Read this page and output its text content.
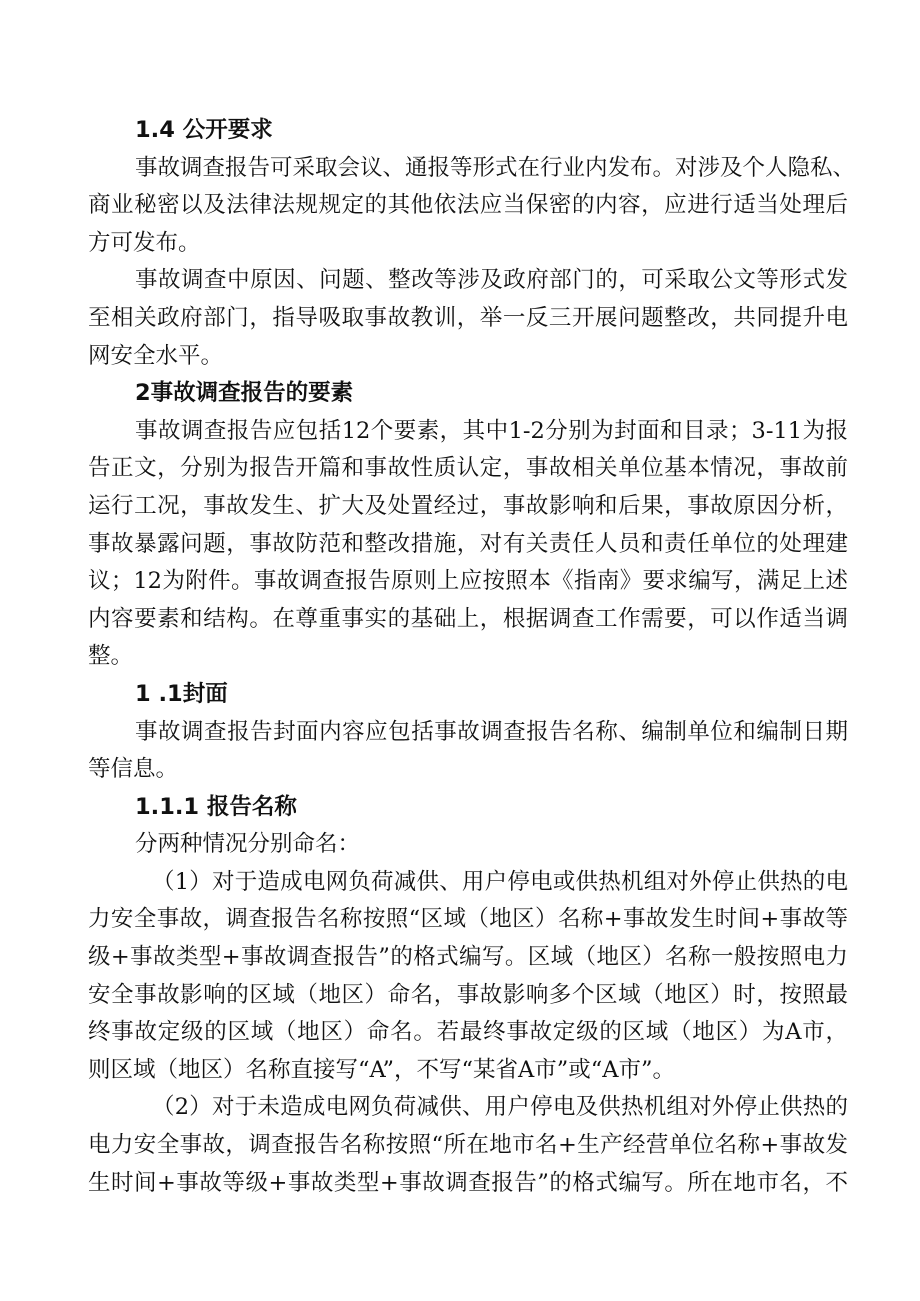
1.4 公开要求
事故调查报告可采取会议、通报等形式在行业内发布。对涉及个人隐私、
商业秘密以及法律法规规定的其他依法应当保密的内容，应进行适当处理后
方可发布。
事故调查中原因、问题、整改等涉及政府部门的，可采取公文等形式发
至相关政府部门，指导吸取事故教训，举一反三开展问题整改，共同提升电
网安全水平。
2事故调查报告的要素
事故调查报告应包括12个要素，其中1-2分别为封面和目录；3-11为报
告正文，分别为报告开篇和事故性质认定，事故相关单位基本情况，事故前
运行工况，事故发生、扩大及处置经过，事故影响和后果，事故原因分析，
事故暴露问题，事故防范和整改措施，对有关责任人员和责任单位的处理建
议；12为附件。事故调查报告原则上应按照本《指南》要求编写，满足上述
内容要素和结构。在尊重事实的基础上，根据调查工作需要，可以作适当调
整。
1 .1封面
事故调查报告封面内容应包括事故调查报告名称、编制单位和编制日期
等信息。
1.1.1 报告名称
分两种情况分别命名：
（1）对于造成电网负荷减供、用户停电或供热机组对外停止供热的电
力安全事故，调查报告名称按照“区域（地区）名称+事故发生时间+事故等
级+事故类型+事故调查报告”的格式编写。区域（地区）名称一般按照电力
安全事故影响的区域（地区）命名，事故影响多个区域（地区）时，按照最
终事故定级的区域（地区）命名。若最终事故定级的区域（地区）为A市，
则区域（地区）名称直接写“A”，不写“某省A市”或“A市”。
（2）对于未造成电网负荷减供、用户停电及供热机组对外停止供热的
电力安全事故，调查报告名称按照“所在地市名+生产经营单位名称+事故发
生时间+事故等级+事故类型+事故调查报告”的格式编写。所在地市名，不
